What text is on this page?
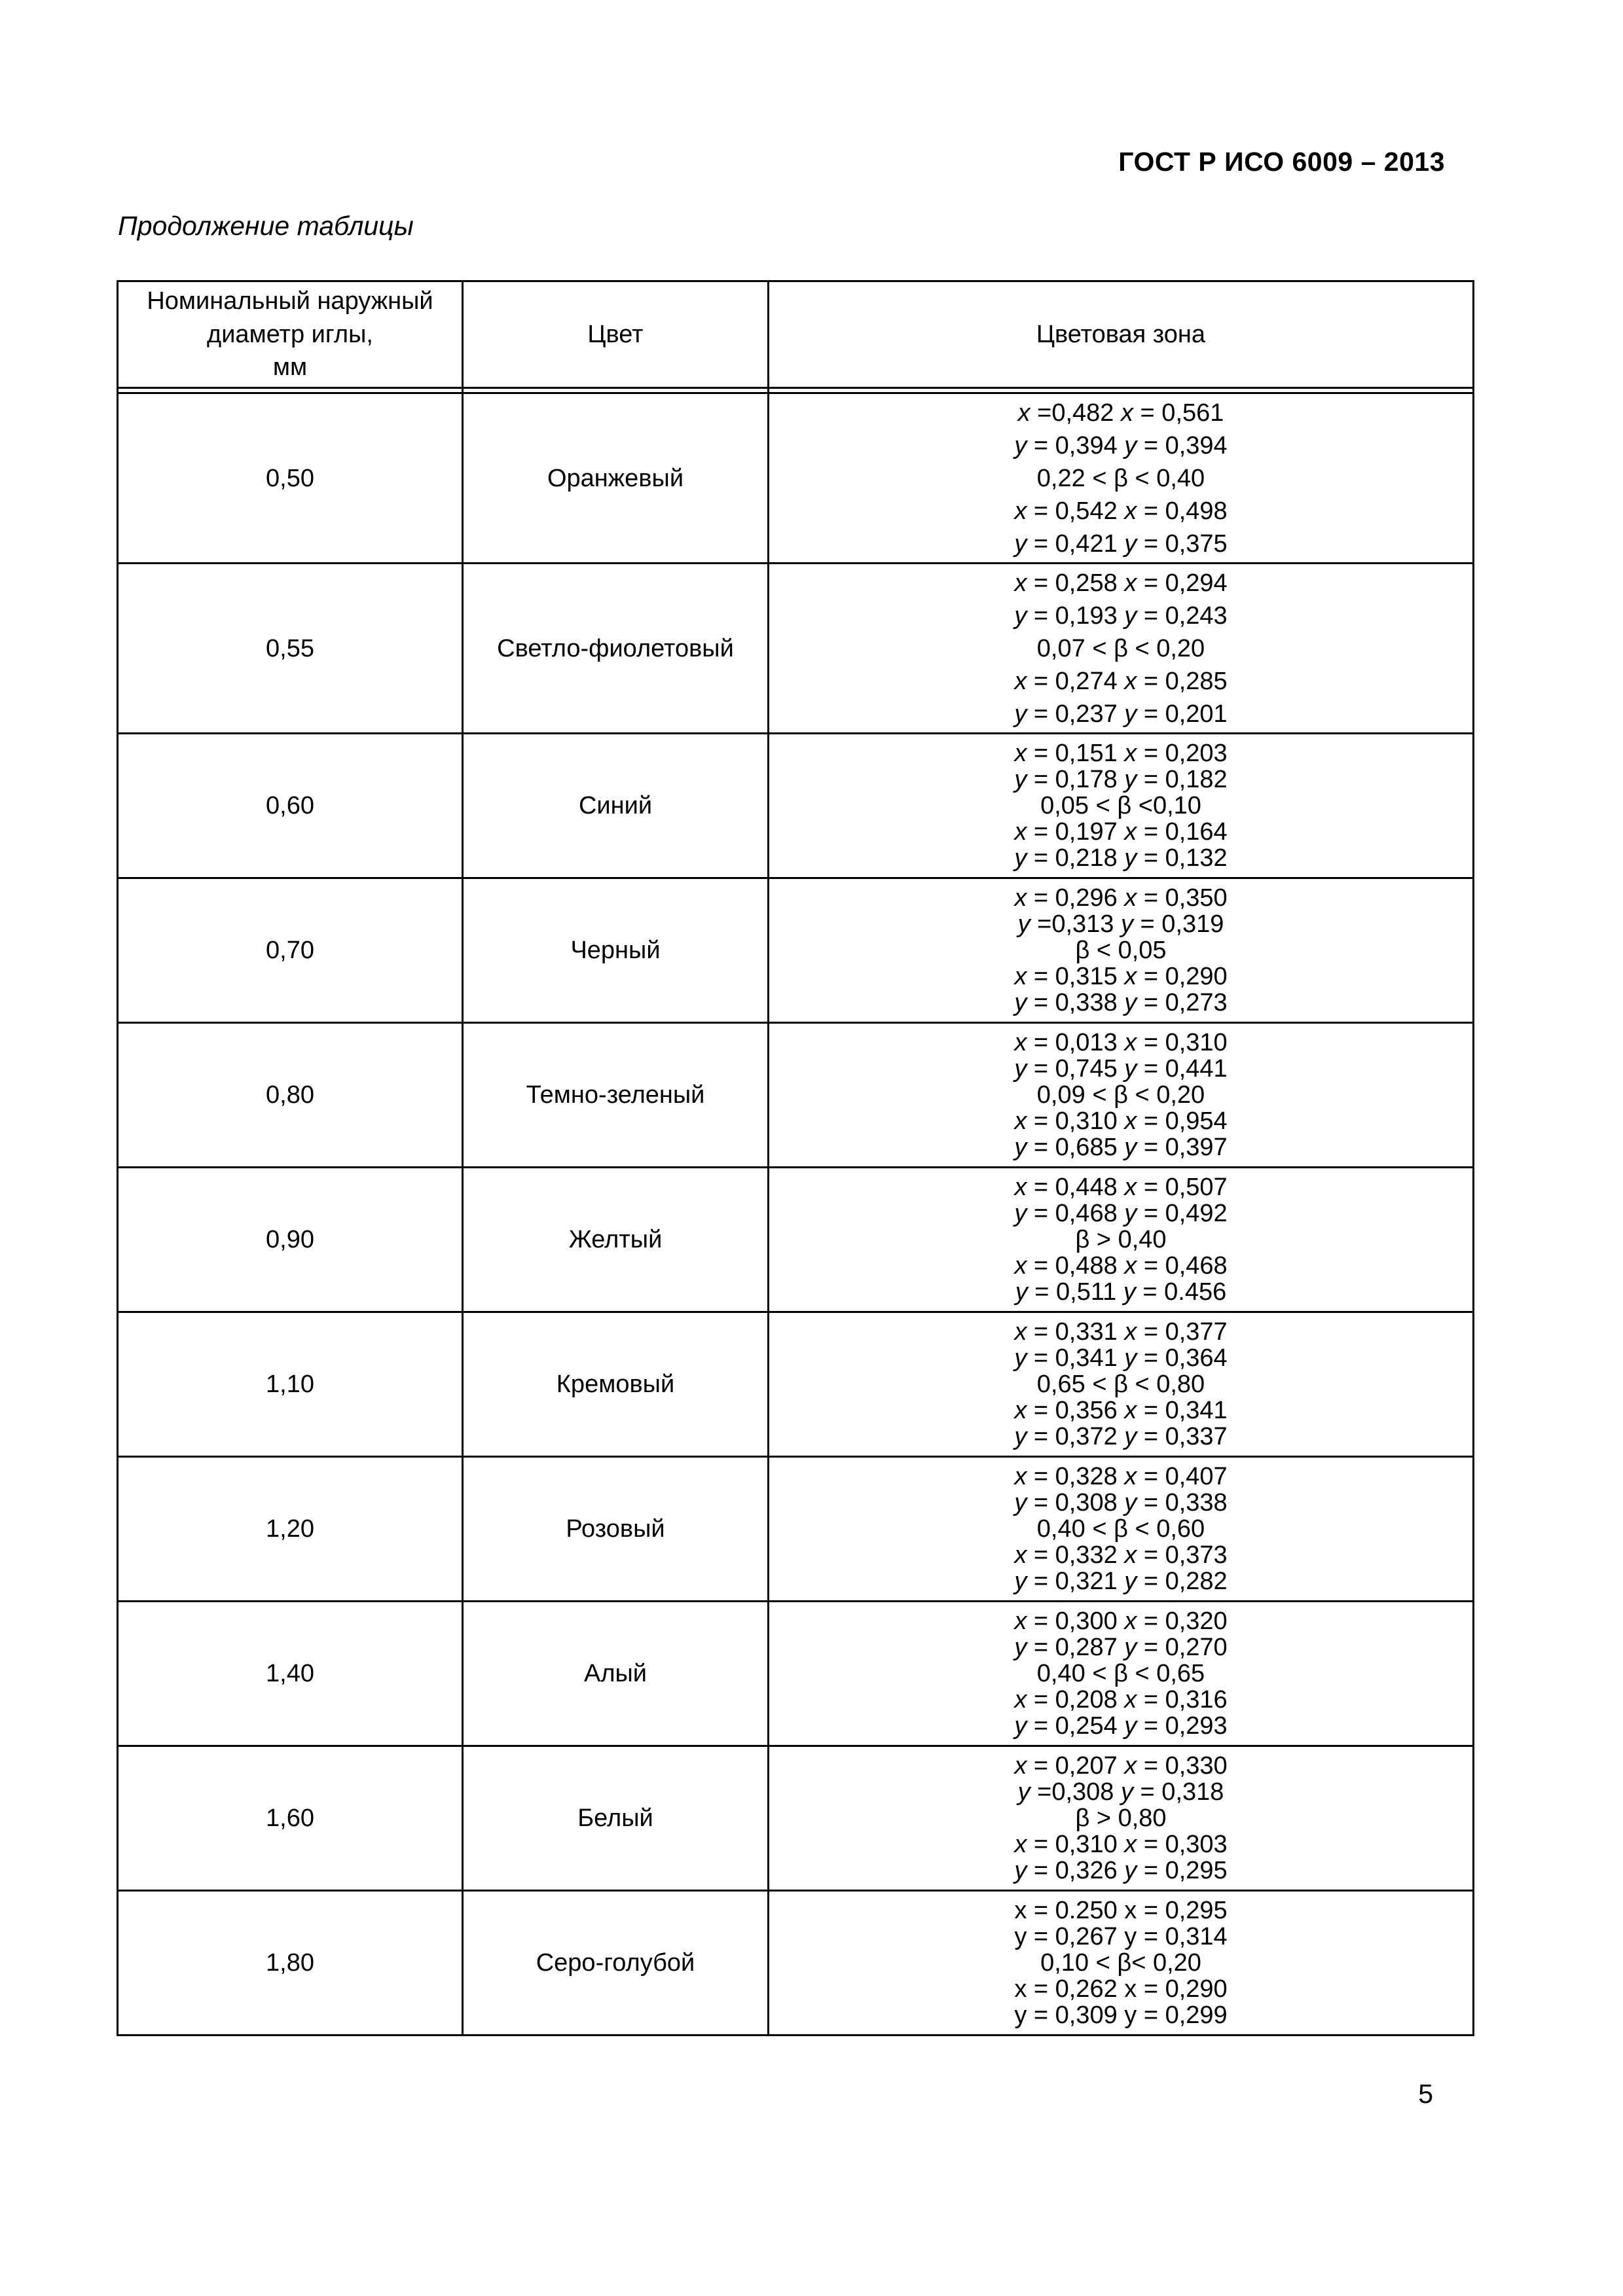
ГОСТ Р ИСО 6009 – 2013
Продолжение таблицы
Номинальный наружный
диаметр иглы,
мм	Цвет	Цветовая зона

0,50	Оранжевый	x =0,482 x = 0,561
y = 0,394 y = 0,394
0,22 < β < 0,40
x = 0,542 x = 0,498
y = 0,421 y = 0,375

0,55	Светло-фиолетовый	x = 0,258 x = 0,294
y = 0,193 y = 0,243
0,07 < β < 0,20
x = 0,274 x = 0,285
y = 0,237 y = 0,201

0,60	Синий	x = 0,151 x = 0,203
y = 0,178 y = 0,182
0,05 < β <0,10
x = 0,197 x = 0,164
y = 0,218 y = 0,132

0,70	Черный	x = 0,296 x = 0,350
y =0,313 y = 0,319
β < 0,05
x = 0,315 x = 0,290
y = 0,338 y = 0,273

0,80	Темно-зеленый	x = 0,013 x = 0,310
y = 0,745 y = 0,441
0,09 < β < 0,20
x = 0,310 x = 0,954
y = 0,685 y = 0,397

0,90	Желтый	x = 0,448 x = 0,507
y = 0,468 y = 0,492
β > 0,40
x = 0,488 x = 0,468
y = 0,511 y = 0.456

1,10	Кремовый	x = 0,331 x = 0,377
y = 0,341 y = 0,364
0,65 < β < 0,80
x = 0,356 x = 0,341
y = 0,372 y = 0,337

1,20	Розовый	x = 0,328 x = 0,407
y = 0,308 y = 0,338
0,40 < β < 0,60
x = 0,332 x = 0,373
y = 0,321 y = 0,282

1,40	Алый	x = 0,300 x = 0,320
y = 0,287 y = 0,270
0,40 < β < 0,65
x = 0,208 x = 0,316
y = 0,254 y = 0,293

1,60	Белый	x = 0,207 x = 0,330
y =0,308 y = 0,318
β > 0,80
x = 0,310 x = 0,303
y = 0,326 y = 0,295

1,80	Серо-голубой	x = 0.250 x = 0,295
y = 0,267 y = 0,314
0,10 < β< 0,20
x = 0,262 x = 0,290
y = 0,309 y = 0,299
5
